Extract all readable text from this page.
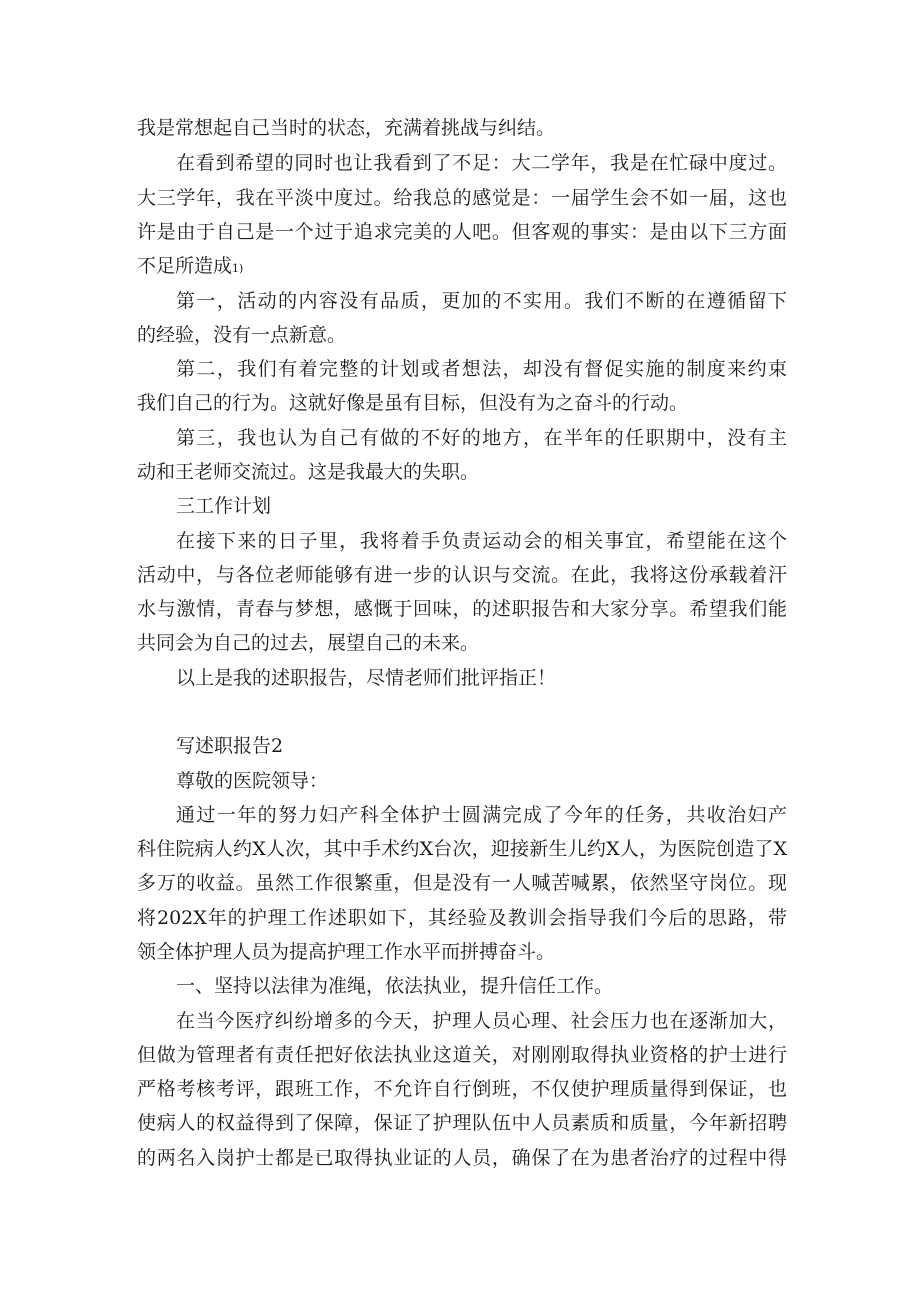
我是常想起自己当时的状态，充满着挑战与纠结。
在看到希望的同时也让我看到了不足：大二学年，我是在忙碌中度过。
大三学年，我在平淡中度过。给我总的感觉是：一届学生会不如一届，这也
许是由于自己是一个过于追求完美的人吧。但客观的事实：是由以下三方面
不足所造成1)
第一，活动的内容没有品质，更加的不实用。我们不断的在遵循留下
的经验，没有一点新意。
第二，我们有着完整的计划或者想法，却没有督促实施的制度来约束
我们自己的行为。这就好像是虽有目标，但没有为之奋斗的行动。
第三，我也认为自己有做的不好的地方，在半年的任职期中，没有主
动和王老师交流过。这是我最大的失职。
三工作计划
在接下来的日子里，我将着手负责运动会的相关事宜，希望能在这个
活动中，与各位老师能够有进一步的认识与交流。在此，我将这份承载着汗
水与激情，青春与梦想，感慨于回味，的述职报告和大家分享。希望我们能
共同会为自己的过去，展望自己的未来。
以上是我的述职报告，尽情老师们批评指正！
写述职报告2
尊敬的医院领导：
通过一年的努力妇产科全体护士圆满完成了今年的任务，共收治妇产
科住院病人约X人次，其中手术约X台次，迎接新生儿约X人，为医院创造了X
多万的收益。虽然工作很繁重，但是没有一人喊苦喊累，依然坚守岗位。现
将202X年的护理工作述职如下，其经验及教训会指导我们今后的思路，带
领全体护理人员为提高护理工作水平而拼搏奋斗。
一、坚持以法律为准绳，依法执业，提升信任工作。
在当今医疗纠纷增多的今天，护理人员心理、社会压力也在逐渐加大，
但做为管理者有责任把好依法执业这道关，对刚刚取得执业资格的护士进行
严格考核考评，跟班工作，不允许自行倒班，不仅使护理质量得到保证，也
使病人的权益得到了保障，保证了护理队伍中人员素质和质量，今年新招聘
的两名入岗护士都是已取得执业证的人员，确保了在为患者治疗的过程中得
